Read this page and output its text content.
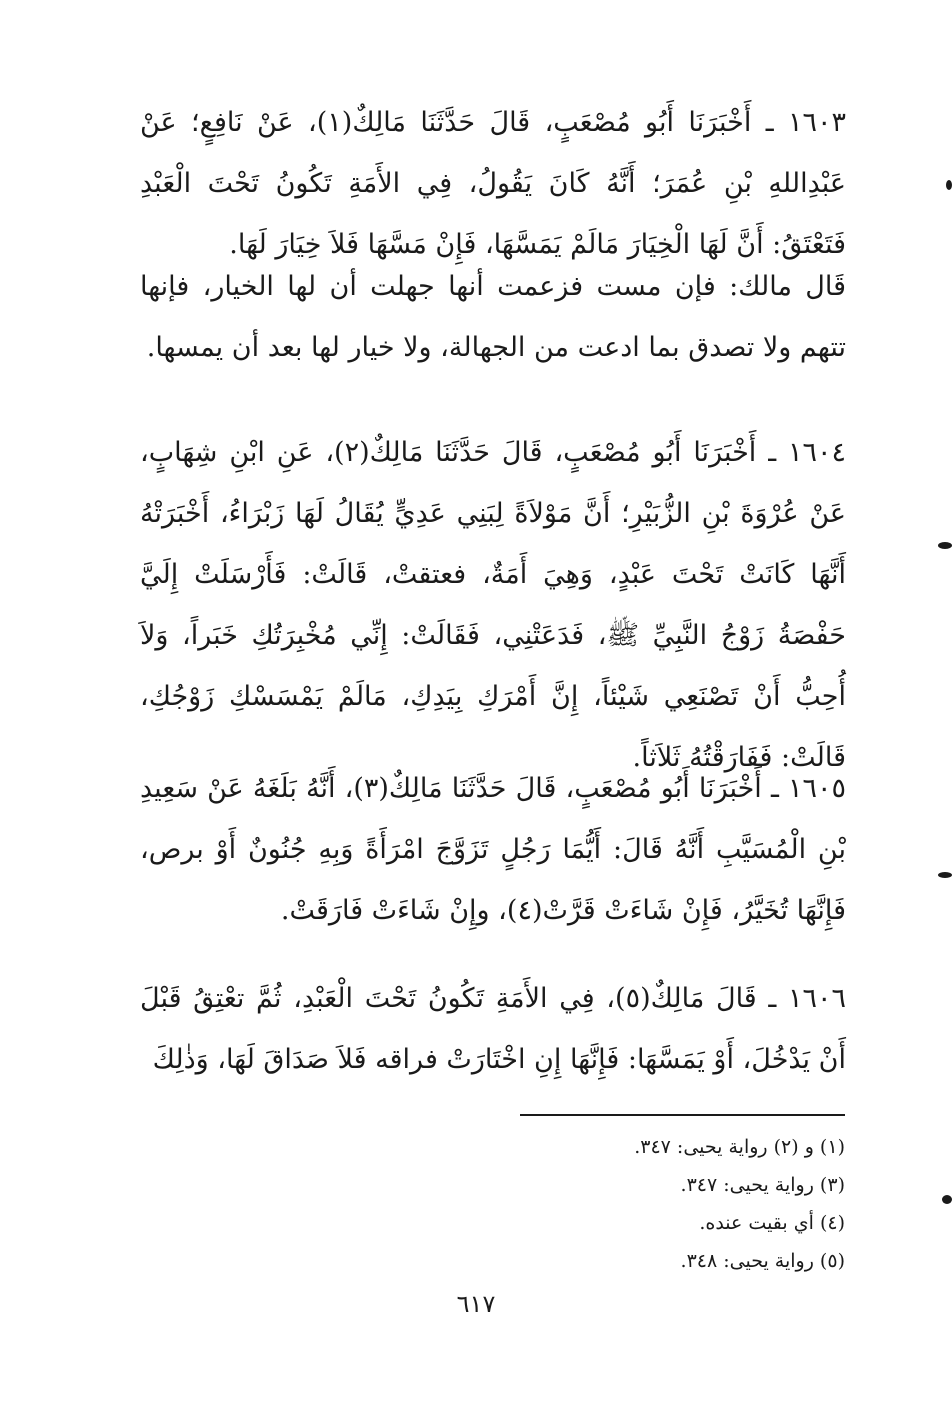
١٦٠٣ ـ أَخْبَرَنَا أَبُو مُصْعَبٍ، قَالَ حَدَّثَنَا مَالِكٌ(١)، عَنْ نَافِعٍ؛ عَنْ عَبْدِاللهِ بْنِ عُمَرَ؛ أَنَّهُ كَانَ يَقُولُ، فِي الأَمَةِ تَكُونُ تَحْتَ الْعَبْدِ فَتَعْتَقُ: أَنَّ لَهَا الْخِيَارَ مَالَمْ يَمَسَّهَا، فَإِنْ مَسَّهَا فَلاَ خِيَارَ لَهَا.

قَال مالك: فإن مست فزعمت أنها جهلت أن لها الخيار، فإنها تتهم ولا تصدق بما ادعت من الجهالة، ولا خيار لها بعد أن يمسها.

١٦٠٤ ـ أَخْبَرَنَا أَبُو مُصْعَبٍ، قَالَ حَدَّثَنَا مَالِكٌ(٢)، عَنِ ابْنِ شِهَابٍ، عَنْ عُرْوَةَ بْنِ الزُّبَيْرِ؛ أَنَّ مَوْلاَةً لِبَنِي عَدِيٍّ يُقَالُ لَهَا زَبْرَاءُ، أَخْبَرَتْهُ أَنَّهَا كَانَتْ تَحْتَ عَبْدٍ، وَهِيَ أَمَةٌ، فعتقتْ، قَالَتْ: فَأَرْسَلَتْ إِلَيَّ حَفْصَةُ زَوْجُ النَّبِيِّ ﷺ، فَدَعَتْنِي، فَقَالَتْ: إِنِّي مُخْبِرَتُكِ خَبَراً، وَلاَ أُحِبُّ أَنْ تَصْنَعِي شَيْئاً، إِنَّ أَمْرَكِ بِيَدِكِ، مَالَمْ يَمْسَسْكِ زَوْجُكِ، قَالَتْ: فَفَارَقْتُهُ ثَلاَثاً.

١٦٠٥ ـ أَخْبَرَنَا أَبُو مُصْعَبٍ، قَالَ حَدَّثَنَا مَالِكٌ(٣)، أَنَّهُ بَلَغَهُ عَنْ سَعِيدِ بْنِ الْمُسَيَّبِ أَنَّهُ قَالَ: أَيُّمَا رَجُلٍ تَزَوَّجَ امْرَأَةً وَبِهِ جُنُونٌ أَوْ برص، فَإِنَّهَا تُخَيَّرُ، فَإِنْ شَاءَتْ قَرَّتْ(٤)، وإِنْ شَاءَتْ فَارَقَتْ.

١٦٠٦ ـ قَالَ مَالِكٌ(٥)، فِي الأَمَةِ تَكُونُ تَحْتَ الْعَبْدِ، ثُمَّ تعْتِقُ قَبْلَ أَنْ يَدْخُلَ، أَوْ يَمَسَّهَا: فَإِنَّهَا إِنِ اخْتَارَتْ فراقه فَلاَ صَدَاقَ لَهَا، وَذٰلِكَ

(١) و (٢) رواية يحيى: ٣٤٧.

(٣) رواية يحيى: ٣٤٧.

(٤) أي بقيت عنده.

(٥) رواية يحيى: ٣٤٨.

٦١٧
